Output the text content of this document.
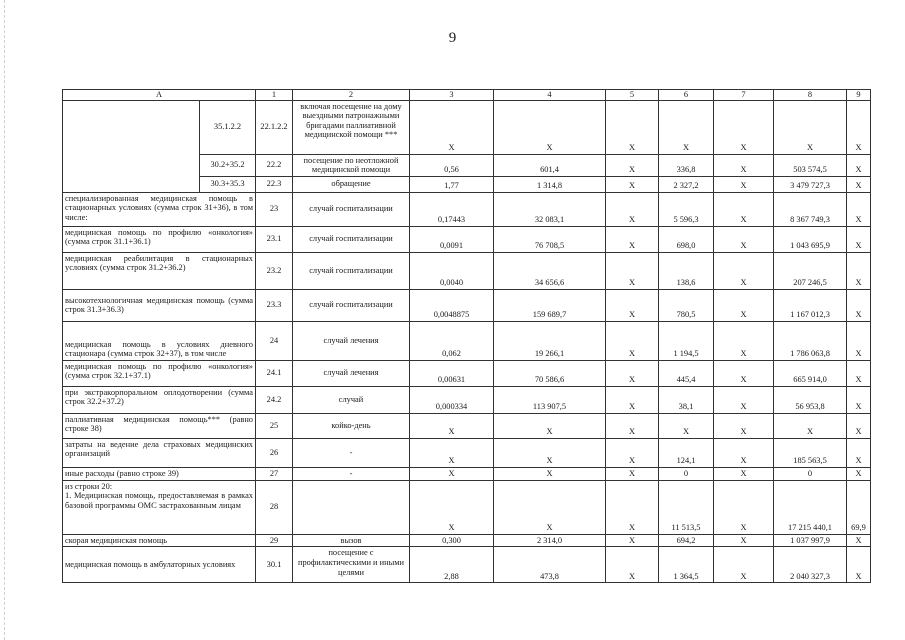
9
А		1	2	3	4	5	6	7	8	9
	35.1.2.2	22.1.2.2	включая посещение на дому выездными патронажными бригадами паллиативной медицинской помощи ***	Х	Х	Х	Х	Х	Х	Х
	30.2+35.2	22.2	посещение по неотложной медицинской помощи	0,56	601,4	Х	336,8	Х	503 574,5	Х
	30.3+35.3	22.3	обращение	1,77	1 314,8	Х	2 327,2	Х	3 479 727,3	Х
специализированная медицинская помощь в стационарных условиях (сумма строк 31+36), в том числе:		23	случай госпитализации	0,17443	32 083,1	Х	5 596,3	Х	8 367 749,3	Х
медицинская помощь по профилю «онкология» (сумма строк 31.1+36.1)		23.1	случай госпитализации	0,0091	76 708,5	Х	698,0	Х	1 043 695,9	Х
медицинская реабилитация в стационарных условиях (сумма строк 31.2+36.2)		23.2	случай госпитализации	0,0040	34 656,6	Х	138,6	Х	207 246,5	Х
высокотехнологичная медицинская помощь (сумма строк 31.3+36.3)		23.3	случай госпитализации	0,0048875	159 689,7	Х	780,5	Х	1 167 012,3	Х
медицинская помощь в условиях дневного стационара (сумма строк 32+37), в том числе		24	случай лечения	0,062	19 266,1	Х	1 194,5	Х	1 786 063,8	Х
медицинская помощь по профилю «онкология» (сумма строк 32.1+37.1)		24.1	случай лечения	0,00631	70 586,6	Х	445,4	Х	665 914,0	Х
при экстракорпоральном оплодотворении (сумма строк 32.2+37.2)		24.2	случай	0,000334	113 907,5	Х	38,1	Х	56 953,8	Х
паллиативная медицинская помощь*** (равно строке 38)		25	койко-день	Х	Х	Х	Х	Х	Х	Х
затраты на ведение дела страховых медицинских организаций		26	-	Х	Х	Х	124,1	Х	185 563,5	Х
иные расходы (равно строке 39)		27	-	Х	Х	Х	0	Х	0	Х

из строки 20:
1. Медицинская помощь, предоставляемая в рамках базовой программы ОМС застрахованным лицам		28		Х	Х	Х	11 513,5	Х	17 215 440,1	69,9
скорая медицинская помощь		29	вызов	0,300	2 314,0	Х	694,2	Х	1 037 997,9	Х
медицинская помощь в амбулаторных условиях		30.1	посещение с профилактическими и иными целями	2,88	473,8	Х	1 364,5	Х	2 040 327,3	Х
